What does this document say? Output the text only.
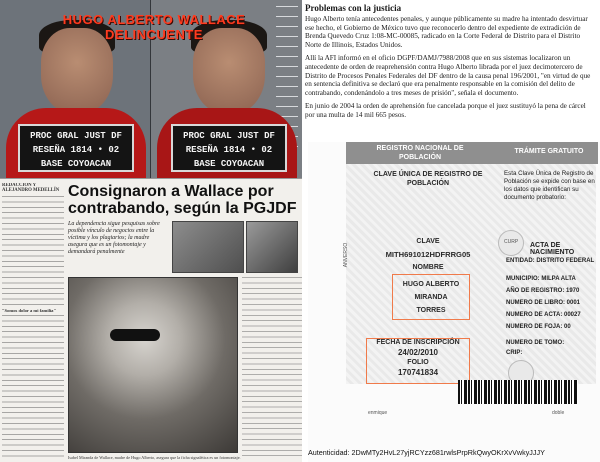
PROC GRAL JUST DF
RESEÑA 1814 • 02
BASE COYOACAN
PROC GRAL JUST DF
RESEÑA 1814 • 02
BASE COYOACAN
HUGO ALBERTO WALLACE DELINCUENTE
Problemas con la justicia

Hugo Alberto tenía antecedentes penales, y aunque públicamente su madre ha intentado desvirtuar ese hecho, el Gobierno de México tuvo que reconocerlo dentro del expediente de extradición de Brenda Quevedo Cruz 1:08-MC-00085, radicado en la Corte Federal de Distrito para el Distrito Norte de Illinois, Estados Unidos.

Allí la AFI informó en el oficio DGPF/DAMJ/7988/2008 que en sus sistemas localizaron un antecedente de orden de reaprehensión contra Hugo Alberto librada por el juez decimotercero de Distrito de Procesos Penales Federales del DF dentro de la causa penal 196/2001, "en virtud de que en sentencia definitiva se declaró que era penalmente responsable en la comisión del delito de contrabando, condenándolo a tres meses de prisión", señala el documento.

En junio de 2004 la orden de aprehensión fue cancelada porque el juez sustituyó la pena de cárcel por una multa de 14 mil 665 pesos.

REDACCIÓN Y ALEJANDRO MEDELLÍN
"Somos dolor a mi familia"
Consignaron a Wallace por contrabando, según la PGJDF
La dependencia sigue pesquisas sobre posible vínculo de negocios entre la víctima y los plagiarios; la madre asegura que es un fotomontaje y demandará penalmente
Isabel Miranda de Wallace, madre de Hugo Alberto, asegura que la ficha signalética es un fotomontaje.
REGISTRO NACIONAL DE POBLACIÓN
TRÁMITE GRATUITO
ANVERSO
CLAVE ÚNICA DE REGISTRO DE POBLACIÓN
Esta Clave Única de Registro de Población se expide con base en los datos que identifican su documento probatorio:
CLAVE
MITH691012HDFRRG05
NOMBRE
HUGO ALBERTO
MIRANDA
TORRES
FECHA DE INSCRIPCIÓN
24/02/2010
FOLIO
170741834
CURP ACTA DE NACIMIENTO
ENTIDAD: DISTRITO FEDERAL
MUNICIPIO: MILPA ALTA
AÑO DE REGISTRO: 1970
NUMERO DE LIBRO: 0001
NUMERO DE ACTA: 00027
NUMERO DE FOJA: 00
NUMERO DE TOMO:
CRIP:
enmique	doble
Autenticidad: 2DwMTy2HvL27yjRCYzz681rwlsPrpRkQwyOKrXvVwkyJJJY
